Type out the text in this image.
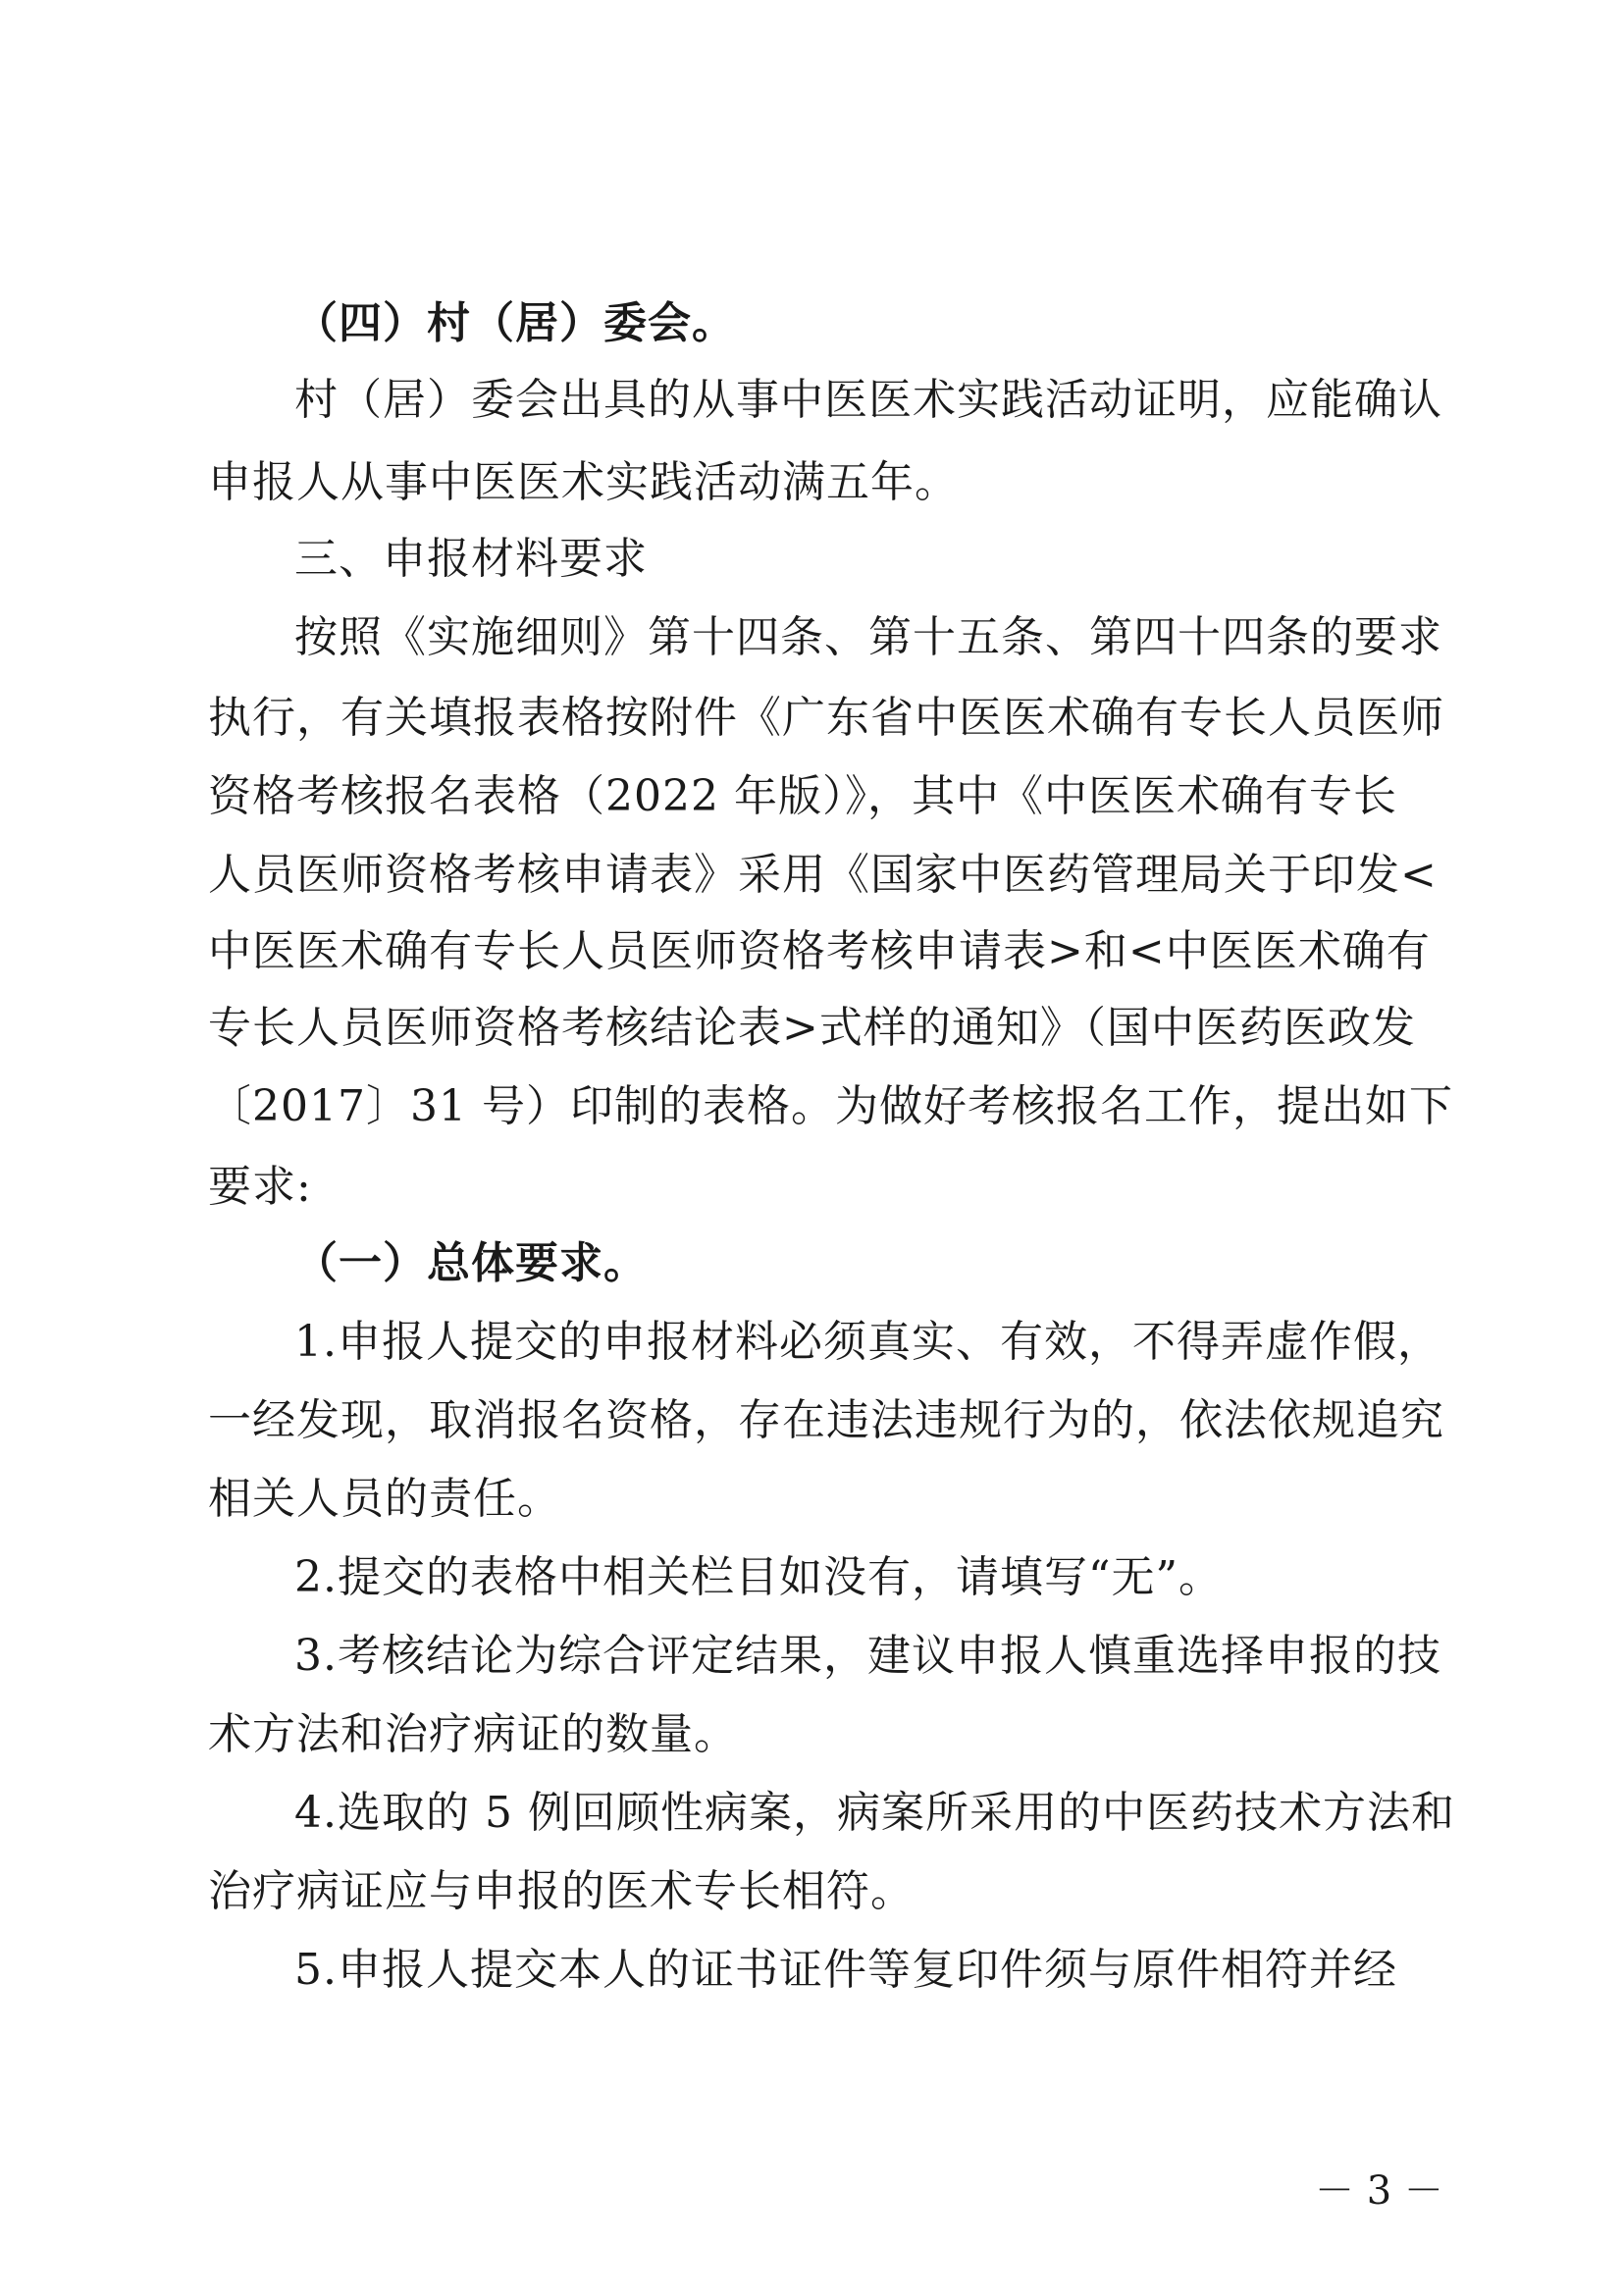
（四）村（居）委会。
村（居）委会出具的从事中医医术实践活动证明，应能确认
申报人从事中医医术实践活动满五年。
三、申报材料要求
按照《实施细则》第十四条、第十五条、第四十四条的要求
执行，有关填报表格按附件《广东省中医医术确有专长人员医师
资格考核报名表格（2022 年版）》，其中《中医医术确有专长
人员医师资格考核申请表》采用《国家中医药管理局关于印发<
中医医术确有专长人员医师资格考核申请表>和<中医医术确有
专长人员医师资格考核结论表>式样的通知》（国中医药医政发
〔2017〕31 号）印制的表格。为做好考核报名工作，提出如下
要求:
（一）总体要求。
1.申报人提交的申报材料必须真实、有效，不得弄虚作假，
一经发现，取消报名资格，存在违法违规行为的，依法依规追究
相关人员的责任。
2.提交的表格中相关栏目如没有，请填写“无”。
3.考核结论为综合评定结果，建议申报人慎重选择申报的技
术方法和治疗病证的数量。
4.选取的 5 例回顾性病案，病案所采用的中医药技术方法和
治疗病证应与申报的医术专长相符。
5.申报人提交本人的证书证件等复印件须与原件相符并经
－ 3 －
